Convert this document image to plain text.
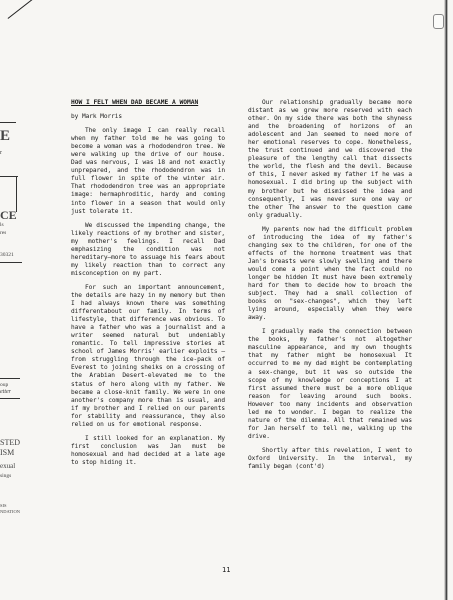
E
r
CE
ls
res
30321
oup
etter
STED
ISM
exual
sings
SIS
NDATION
HOW I FELT WHEN DAD BECAME A WOMAN
by Mark Morris

The only image I can really recall when my father told me he was going to become a woman was a rhododendron tree. We were walking up the drive of our house. Dad was nervous, I was 18 and not exactly unprepared, and the rhododendron was in full flower in spite of the winter air. That rhododendron tree was an appropriate image: hermaphroditic, hardy and coming into flower in a season that would only just tolerate it.

We discussed the impending change, the likely reactions of my brother and sister, my mother's feelings. I recall Dad emphasizing the condition was not hereditary—more to assuage his fears about my likely reaction than to correct any misconception on my part.

For such an important announcement, the details are hazy in my memory but then I had always known there was something differentabout our family. In terms of lifestyle, that difference was obvious. To have a father who was a journalist and a writer seemed natural but undeniably romantic. To tell impressive stories at school of James Morris' earlier exploits – from struggling through the ice-pack of Everest to joining sheiks on a crossing of the Arabian Desert-elevated me to the status of hero along with my father. We became a close-knit family. We were in one another's company more than is usual, and if my brother and I relied on our parents for stability and reassurance, they also relied on us for emotional response.

I still looked for an explanation. My first conclusion was Jan must be homosexual and had decided at a late age to stop hiding it.

Our relationship gradually became more distant as we grew more reserved with each other. On my side there was both the shyness and the broadening of horizons of an adolescent and Jan seemed to need more of her emotional reserves to cope. Nonetheless, the trust continued and we discovered the pleasure of the lengthy call that dissects the world, the flesh and the devil. Because of this, I never asked my father if he was a homosexual. I did bring up the subject with my brother but he dismissed the idea and consequently, I was never sure one way or the other The answer to the question came only gradually.

My parents now had the difficult problem of introducing the idea of my father's changing sex to the children, for one of the effects of the hormone treatment was that Jan's breasts were slowly swelling and there would come a point when the fact could no longer be hidden It must have been extremely hard for them to decide how to broach the subject. They had a small collection of books on "sex-changes", which they left lying around, especially when they were away.

I gradually made the connection between the books, my father's not altogether masculine appearance, and my own thoughts that my father might be homosexual It occurred to me my dad might be contemplating a sex-change, but it was so outside the scope of my knowledge or conceptions I at first assumed there must be a more oblique reason for leaving around such books. However too many incidents and observation led me to wonder. I began to realize the nature of the dilemma. All that remained was for Jan herself to tell me, walking up the drive.

Shortly after this revelation, I went to Oxford University. In the interval, my family began (cont'd)

11
